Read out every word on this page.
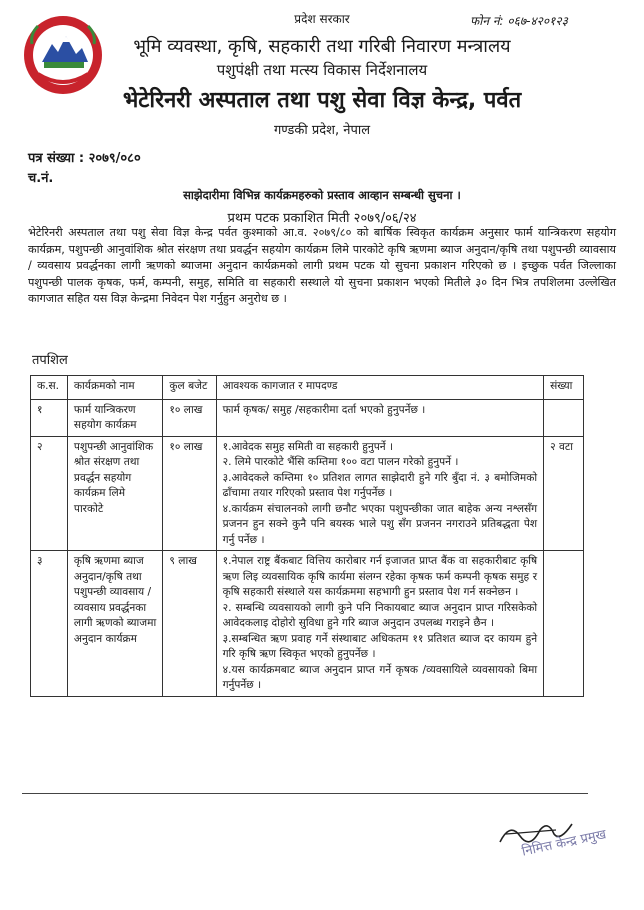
प्रदेश सरकार	फोन नं: ०६७-४२०१२३
भूमि व्यवस्था, कृषि, सहकारी तथा गरिबी निवारण मन्त्रालय
पशुपंक्षी तथा मत्स्य विकास निर्देशनालय
भेटेरिनरी अस्पताल तथा पशु सेवा विज्ञ केन्द्र, पर्वत
गण्डकी प्रदेश, नेपाल
पत्र संख्या : २०७९/०८०
च.नं.
साझेदारीमा विभिन्न कार्यक्रमहरुको प्रस्ताव आव्हान सम्बन्धी सुचना ।
प्रथम पटक प्रकाशित मिती २०७९/०६/२४
भेटेरिनरी अस्पताल तथा पशु सेवा विज्ञ केन्द्र पर्वत कुश्माको आ.व. २०७९/८० को बार्षिक स्विकृत कार्यक्रम अनुसार फार्म यान्त्रिकरण सहयोग कार्यक्रम, पशुपन्छी आनुवांशिक श्रोत संरक्षण तथा प्रवर्द्धन सहयोग कार्यक्रम लिमे पारकोटे कृषि ऋणमा ब्याज अनुदान/कृषि तथा पशुपन्छी व्यावसाय / व्यवसाय प्रवर्द्धनका लागी ऋणको ब्याजमा अनुदान कार्यक्रमको लागी प्रथम पटक यो सुचना प्रकाशन गरिएको छ । इच्छुक पर्वत जिल्लाका पशुपन्छी पालक कृषक, फर्म, कम्पनी, समुह, समिति वा सहकारी सस्थाले यो सुचना प्रकाशन भएको मितीले ३० दिन भित्र तपशिलमा उल्लेखित कागजात सहित यस विज्ञ केन्द्रमा निवेदन पेश गर्नुहुन अनुरोध छ ।
तपशिल
क.स.	कार्यक्रमको नाम	कुल बजेट	आवश्यक कागजात र मापदण्ड	संख्या
१	फार्म यान्त्रिकरण सहयोग कार्यक्रम	१० लाख	फार्म कृषक/ समुह /सहकारीमा दर्ता भएको हुनुपर्नेछ ।	

२	पशुपन्छी आनुवांशिक श्रोत संरक्षण तथा प्रवर्द्धन सहयोग कार्यक्रम लिमे पारकोटे	१० लाख	१.आवेदक समुह समिती वा सहकारी हुनुपर्ने ।
२. लिमे पारकोटे भैंसि कम्तिमा १०० वटा पालन गरेको हुनुपर्ने ।
३.आवेदकले कम्तिमा १० प्रतिशत लागत साझेदारी हुने गरि बुँदा नं. ३ बमोजिमको ढाँचामा तयार गरिएको प्रस्ताव पेश गर्नुपर्नेछ ।
४.कार्यक्रम संचालनको लागी छनौट भएका पशुपन्छीका जात बाहेक अन्य नश्लसँग प्रजनन हुन सक्ने कुनै पनि बयस्क भाले पशु सँग प्रजनन नगराउने प्रतिबद्धता पेश गर्नु पर्नेछ ।	२ वटा
३	कृषि ऋणमा ब्याज अनुदान/कृषि तथा पशुपन्छी व्यावसाय / व्यवसाय प्रवर्द्धनका लागी ऋणको ब्याजमा अनुदान कार्यक्रम	९ लाख	१.नेपाल राष्ट्र बैंकबाट वित्तिय कारोबार गर्न इजाजत प्राप्त बैंक वा सहकारीबाट कृषि ऋण लिइ व्यवसायिक कृषि कार्यमा संलग्न रहेका कृषक फर्म कम्पनी कृषक समुह र कृषि सहकारी संस्थाले यस कार्यक्रममा सहभागी हुन प्रस्ताव पेश गर्न सक्नेछन ।
२. सम्बन्धि व्यवसायको लागी कुने पनि निकायबाट ब्याज अनुदान प्राप्त गरिसकेको आवेदकलाइ दोहोरो सुविधा हुने गरि ब्याज अनुदान उपलब्ध गराइने छैन ।
३.सम्बन्धित ऋण प्रवाह गर्ने संस्थाबाट अधिकतम ११ प्रतिशत ब्याज दर कायम हुने गरि कृषि ऋण स्विकृत भएको हुनुपर्नेछ ।
४.यस कार्यक्रमबाट ब्याज अनुदान प्राप्त गर्ने कृषक /व्यवसायिले व्यवसायको बिमा गर्नुपर्नेछ ।	

निमित्त केन्द्र प्रमुख
